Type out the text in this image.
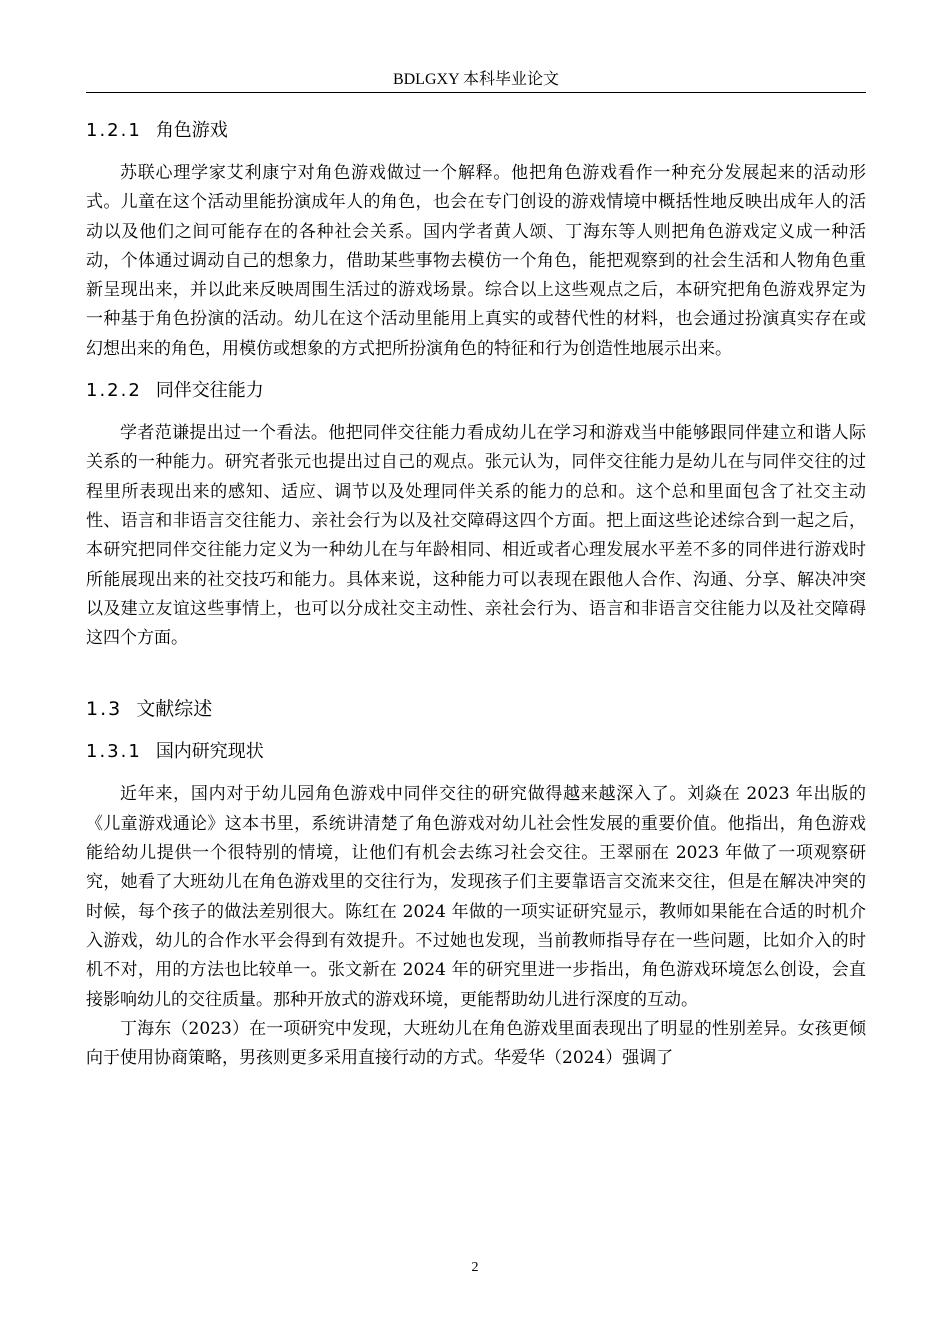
BDLGXY 本科毕业论文
1.2.1 角色游戏

苏联心理学家艾利康宁对角色游戏做过一个解释。他把角色游戏看作一种充分发展起来的活动形式。儿童在这个活动里能扮演成年人的角色，也会在专门创设的游戏情境中概括性地反映出成年人的活动以及他们之间可能存在的各种社会关系。国内学者黄人颂、丁海东等人则把角色游戏定义成一种活动，个体通过调动自己的想象力，借助某些事物去模仿一个角色，能把观察到的社会生活和人物角色重新呈现出来，并以此来反映周围生活过的游戏场景。综合以上这些观点之后，本研究把角色游戏界定为一种基于角色扮演的活动。幼儿在这个活动里能用上真实的或替代性的材料，也会通过扮演真实存在或幻想出来的角色，用模仿或想象的方式把所扮演角色的特征和行为创造性地展示出来。

1.2.2 同伴交往能力

学者范谦提出过一个看法。他把同伴交往能力看成幼儿在学习和游戏当中能够跟同伴建立和谐人际关系的一种能力。研究者张元也提出过自己的观点。张元认为，同伴交往能力是幼儿在与同伴交往的过程里所表现出来的感知、适应、调节以及处理同伴关系的能力的总和。这个总和里面包含了社交主动性、语言和非语言交往能力、亲社会行为以及社交障碍这四个方面。把上面这些论述综合到一起之后，本研究把同伴交往能力定义为一种幼儿在与年龄相同、相近或者心理发展水平差不多的同伴进行游戏时所能展现出来的社交技巧和能力。具体来说，这种能力可以表现在跟他人合作、沟通、分享、解决冲突以及建立友谊这些事情上，也可以分成社交主动性、亲社会行为、语言和非语言交往能力以及社交障碍这四个方面。

1.3 文献综述
1.3.1 国内研究现状

近年来，国内对于幼儿园角色游戏中同伴交往的研究做得越来越深入了。刘焱在 2023 年出版的《儿童游戏通论》这本书里，系统讲清楚了角色游戏对幼儿社会性发展的重要价值。他指出，角色游戏能给幼儿提供一个很特别的情境，让他们有机会去练习社会交往。王翠丽在 2023 年做了一项观察研究，她看了大班幼儿在角色游戏里的交往行为，发现孩子们主要靠语言交流来交往，但是在解决冲突的时候，每个孩子的做法差别很大。陈红在 2024 年做的一项实证研究显示，教师如果能在合适的时机介入游戏，幼儿的合作水平会得到有效提升。不过她也发现，当前教师指导存在一些问题，比如介入的时机不对，用的方法也比较单一。张文新在 2024 年的研究里进一步指出，角色游戏环境怎么创设，会直接影响幼儿的交往质量。那种开放式的游戏环境，更能帮助幼儿进行深度的互动。

丁海东（2023）在一项研究中发现，大班幼儿在角色游戏里面表现出了明显的性别差异。女孩更倾向于使用协商策略，男孩则更多采用直接行动的方式。华爱华（2024）强调了

2
